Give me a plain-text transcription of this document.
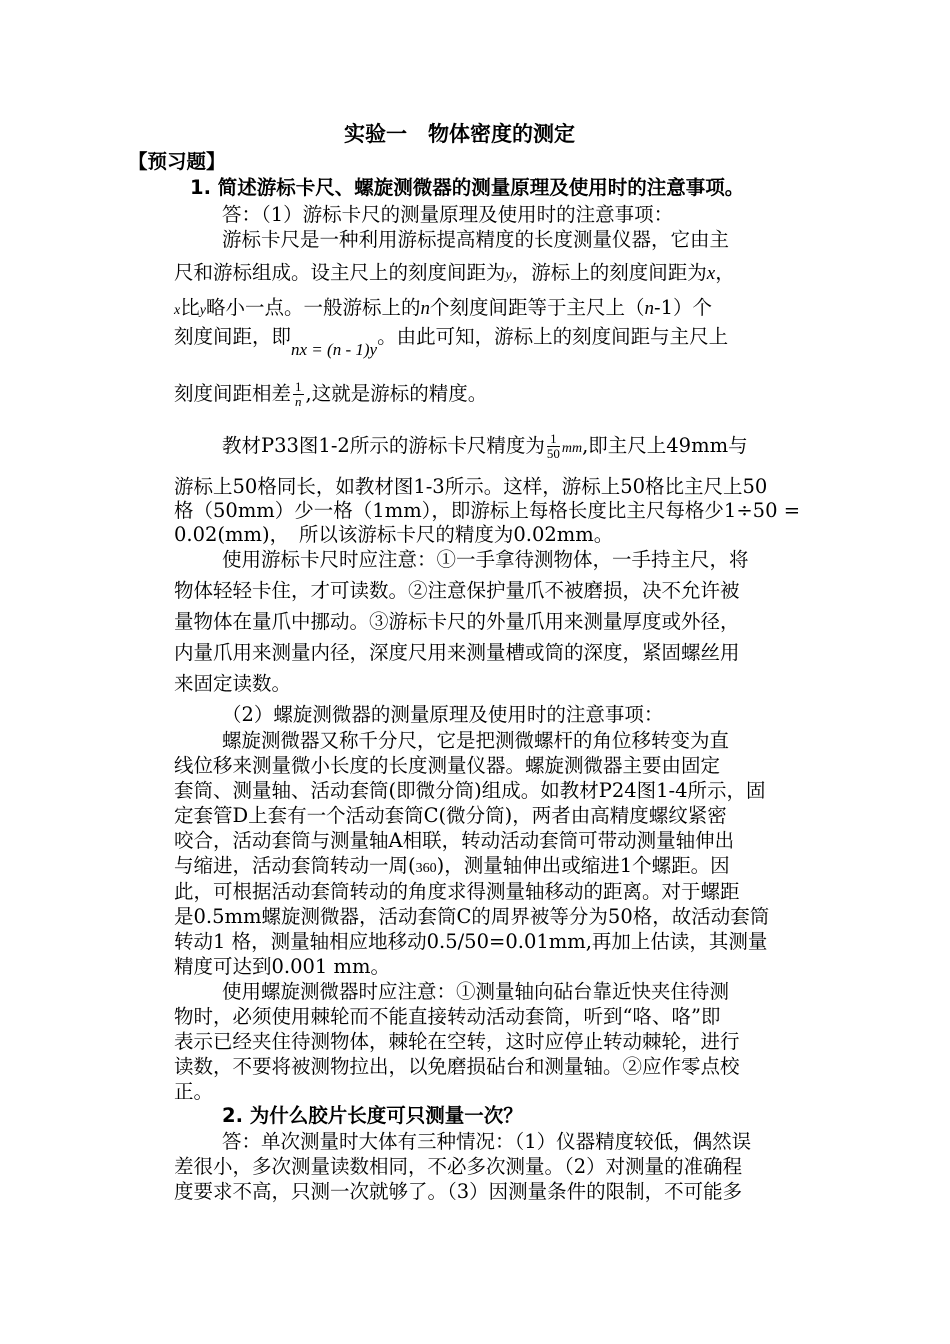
实验一　物体密度的测定
【预习题】
1. 简述游标卡尺、螺旋测微器的测量原理及使用时的注意事项。
答：（1）游标卡尺的测量原理及使用时的注意事项：
游标卡尺是一种利用游标提高精度的长度测量仪器，它由主
尺和游标组成。设主尺上的刻度间距为y，游标上的刻度间距为x，
x比y略小一点。一般游标上的n个刻度间距等于主尺上（n-1）个
刻度间距，即nx = (n - 1)y。由此可知，游标上的刻度间距与主尺上
刻度间距相差 $\frac{1}{n}$ ,这就是游标的精度。
教材P33图1-2所示的游标卡尺精度为 $\frac{1}{50}$ mm,即主尺上49mm与
游标上50格同长，如教材图1-3所示。这样，游标上50格比主尺上50
格（50mm）少一格（1mm），即游标上每格长度比主尺每格少1÷50 =
0.02(mm)，　所以该游标卡尺的精度为0.02mm。
使用游标卡尺时应注意：①一手拿待测物体，一手持主尺，将
物体轻轻卡住，才可读数。②注意保护量爪不被磨损，决不允许被
量物体在量爪中挪动。③游标卡尺的外量爪用来测量厚度或外径，
内量爪用来测量内径，深度尺用来测量槽或筒的深度，紧固螺丝用
来固定读数。
（2）螺旋测微器的测量原理及使用时的注意事项：
螺旋测微器又称千分尺，它是把测微螺杆的角位移转变为直
线位移来测量微小长度的长度测量仪器。螺旋测微器主要由固定
套筒、测量轴、活动套筒(即微分筒)组成。如教材P24图1-4所示，固
定套管D上套有一个活动套筒C(微分筒)，两者由高精度螺纹紧密
咬合，活动套筒与测量轴A相联，转动活动套筒可带动测量轴伸出
与缩进，活动套筒转动一周(360)，测量轴伸出或缩进1个螺距。因
此，可根据活动套筒转动的角度求得测量轴移动的距离。对于螺距
是0.5mm螺旋测微器，活动套筒C的周界被等分为50格，故活动套筒
转动1 格，测量轴相应地移动0.5/50=0.01mm,再加上估读，其测量
精度可达到0.001 mm。
使用螺旋测微器时应注意：①测量轴向砧台靠近快夹住待测
物时，必须使用棘轮而不能直接转动活动套筒，听到“咯、咯”即
表示已经夹住待测物体，棘轮在空转，这时应停止转动棘轮，进行
读数，不要将被测物拉出，以免磨损砧台和测量轴。②应作零点校
正。
2. 为什么胶片长度可只测量一次？
答：单次测量时大体有三种情况：（1）仪器精度较低，偶然误
差很小，多次测量读数相同，不必多次测量。（2）对测量的准确程
度要求不高，只测一次就够了。（3）因测量条件的限制，不可能多
